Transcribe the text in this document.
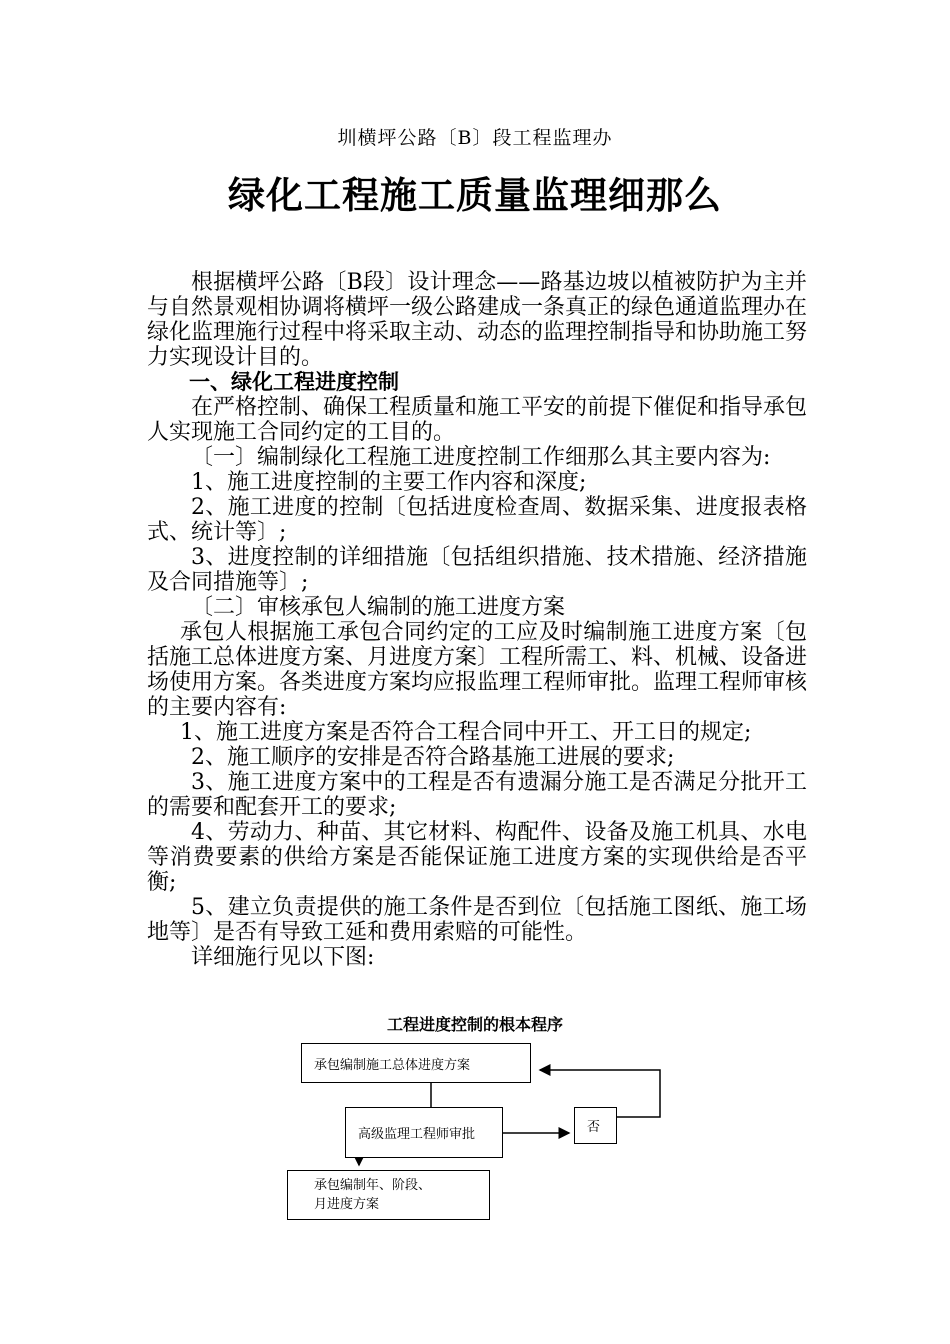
圳横坪公路〔B〕段工程监理办
绿化工程施工质量监理细那么

根据横坪公路〔B段〕设计理念——路基边坡以植被防护为主并与自然景观相协调将横坪一级公路建成一条真正的绿色通道监理办在绿化监理施行过程中将采取主动、动态的监理控制指导和协助施工努力实现设计目的。

一、绿化工程进度控制

在严格控制、确保工程质量和施工平安的前提下催促和指导承包人实现施工合同约定的工目的。

〔一〕编制绿化工程施工进度控制工作细那么其主要内容为:

1、施工进度控制的主要工作内容和深度;

2、施工进度的控制〔包括进度检查周、数据采集、进度报表格式、统计等〕;

3、进度控制的详细措施〔包括组织措施、技术措施、经济措施及合同措施等〕;

〔二〕审核承包人编制的施工进度方案

承包人根据施工承包合同约定的工应及时编制施工进度方案〔包括施工总体进度方案、月进度方案〕工程所需工、料、机械、设备进场使用方案。各类进度方案均应报监理工程师审批。监理工程师审核的主要内容有:

1、施工进度方案是否符合工程合同中开工、开工日的规定;

2、施工顺序的安排是否符合路基施工进展的要求;

3、施工进度方案中的工程是否有遗漏分施工是否满足分批开工的需要和配套开工的要求;

4、劳动力、种苗、其它材料、构配件、设备及施工机具、水电等消费要素的供给方案是否能保证施工进度方案的实现供给是否平衡;

5、建立负责提供的施工条件是否到位〔包括施工图纸、施工场地等〕是否有导致工延和费用索赔的可能性。

详细施行见以下图:

工程进度控制的根本程序
承包编制施工总体进度方案
高级监理工程师审批	否
承包编制年、阶段、
月进度方案
